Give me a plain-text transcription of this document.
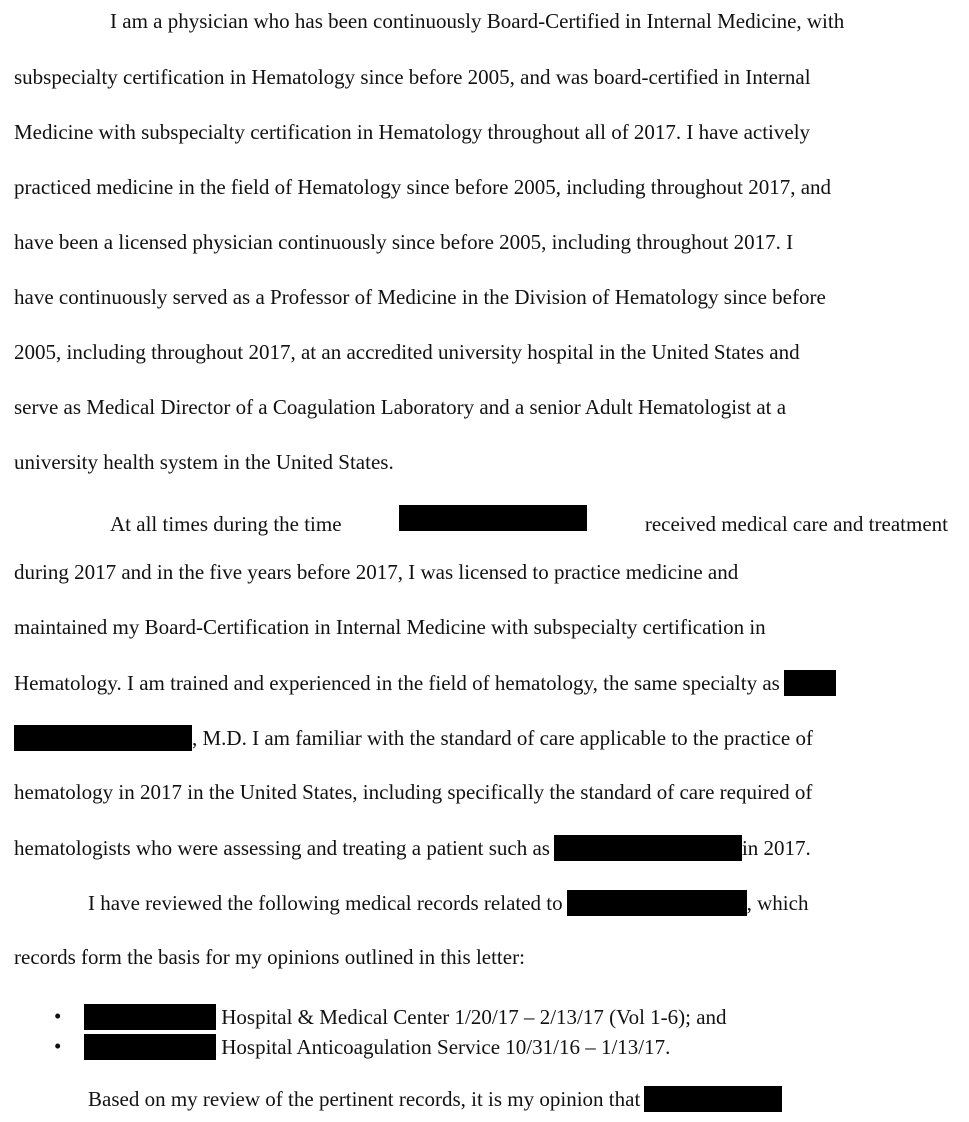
I am a physician who has been continuously Board-Certified in Internal Medicine, with
subspecialty certification in Hematology since before 2005, and was board-certified in Internal
Medicine with subspecialty certification in Hematology throughout all of 2017. I have actively
practiced medicine in the field of Hematology since before 2005, including throughout 2017, and
have been a licensed physician continuously since before 2005, including throughout 2017. I
have continuously served as a Professor of Medicine in the Division of Hematology since before
2005, including throughout 2017, at an accredited university hospital in the United States and
serve as Medical Director of a Coagulation Laboratory and a senior Adult Hematologist at a
university health system in the United States.
At all times during the time	received medical care and treatment
during 2017 and in the five years before 2017, I was licensed to practice medicine and
maintained my Board-Certification in Internal Medicine with subspecialty certification in
Hematology. I am trained and experienced in the field of hematology, the same specialty as
, M.D. I am familiar with the standard of care applicable to the practice of
hematology in 2017 in the United States, including specifically the standard of care required of
hematologists who were assessing and treating a patient such as	in 2017.
I have reviewed the following medical records related to	, which
records form the basis for my opinions outlined in this letter:
•	Hospital & Medical Center 1/20/17 – 2/13/17 (Vol 1-6); and
•	Hospital Anticoagulation Service 10/31/16 – 1/13/17.
Based on my review of the pertinent records, it is my opinion that
